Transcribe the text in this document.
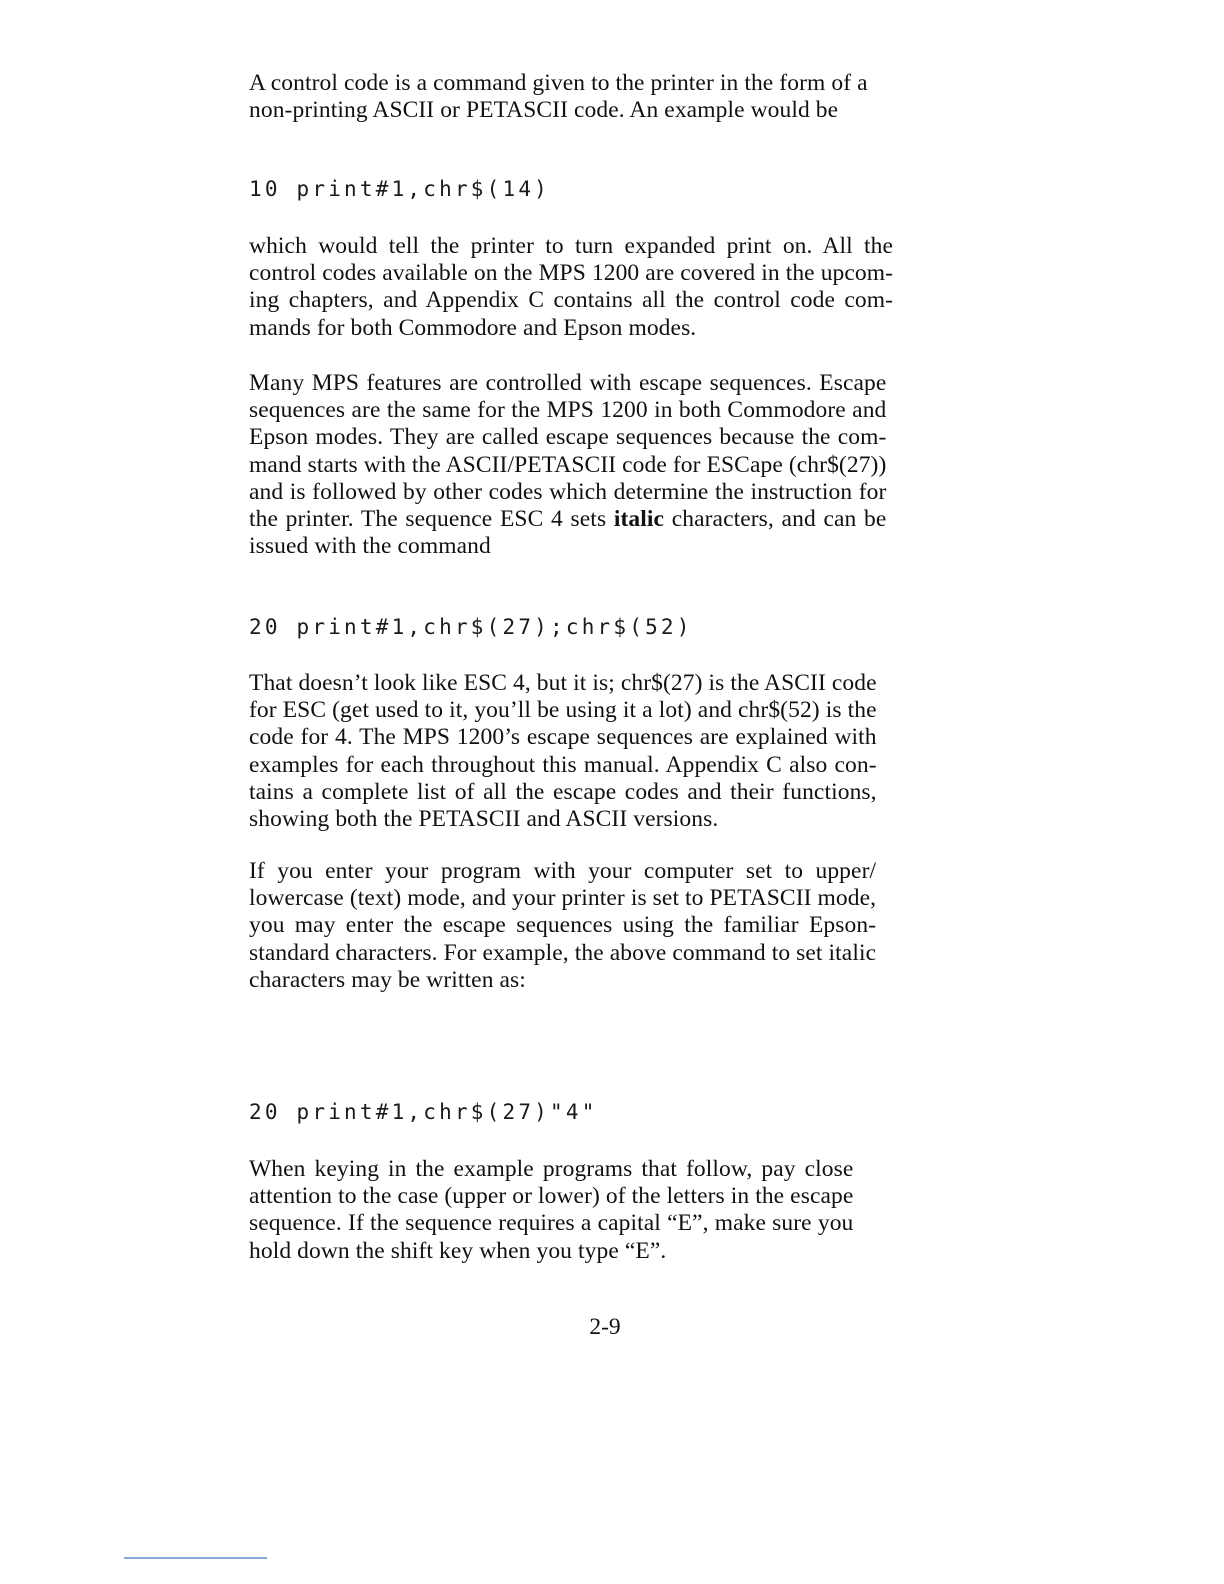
A control code is a command given to the printer in the form of a
non-printing ASCII or PETASCII code. An example would be

10 print#1,chr$(14)

which would tell the printer to turn expanded print on. All the
control codes available on the MPS 1200 are covered in the upcom-
ing chapters, and Appendix C contains all the control code com-
mands for both Commodore and Epson modes.

Many MPS features are controlled with escape sequences. Escape
sequences are the same for the MPS 1200 in both Commodore and
Epson modes. They are called escape sequences because the com-
mand starts with the ASCII/PETASCII code for ESCape (chr$(27))
and is followed by other codes which determine the instruction for
the printer. The sequence ESC 4 sets italic characters, and can be
issued with the command

20 print#1,chr$(27);chr$(52)

That doesn’t look like ESC 4, but it is; chr$(27) is the ASCII code
for ESC (get used to it, you’ll be using it a lot) and chr$(52) is the
code for 4. The MPS 1200’s escape sequences are explained with
examples for each throughout this manual. Appendix C also con-
tains a complete list of all the escape codes and their functions,
showing both the PETASCII and ASCII versions.

If you enter your program with your computer set to upper/
lowercase (text) mode, and your printer is set to PETASCII mode,
you may enter the escape sequences using the familiar Epson-
standard characters. For example, the above command to set italic
characters may be written as:

20 print#1,chr$(27)"4"

When keying in the example programs that follow, pay close
attention to the case (upper or lower) of the letters in the escape
sequence. If the sequence requires a capital “E”, make sure you
hold down the shift key when you type “E”.

2-9
